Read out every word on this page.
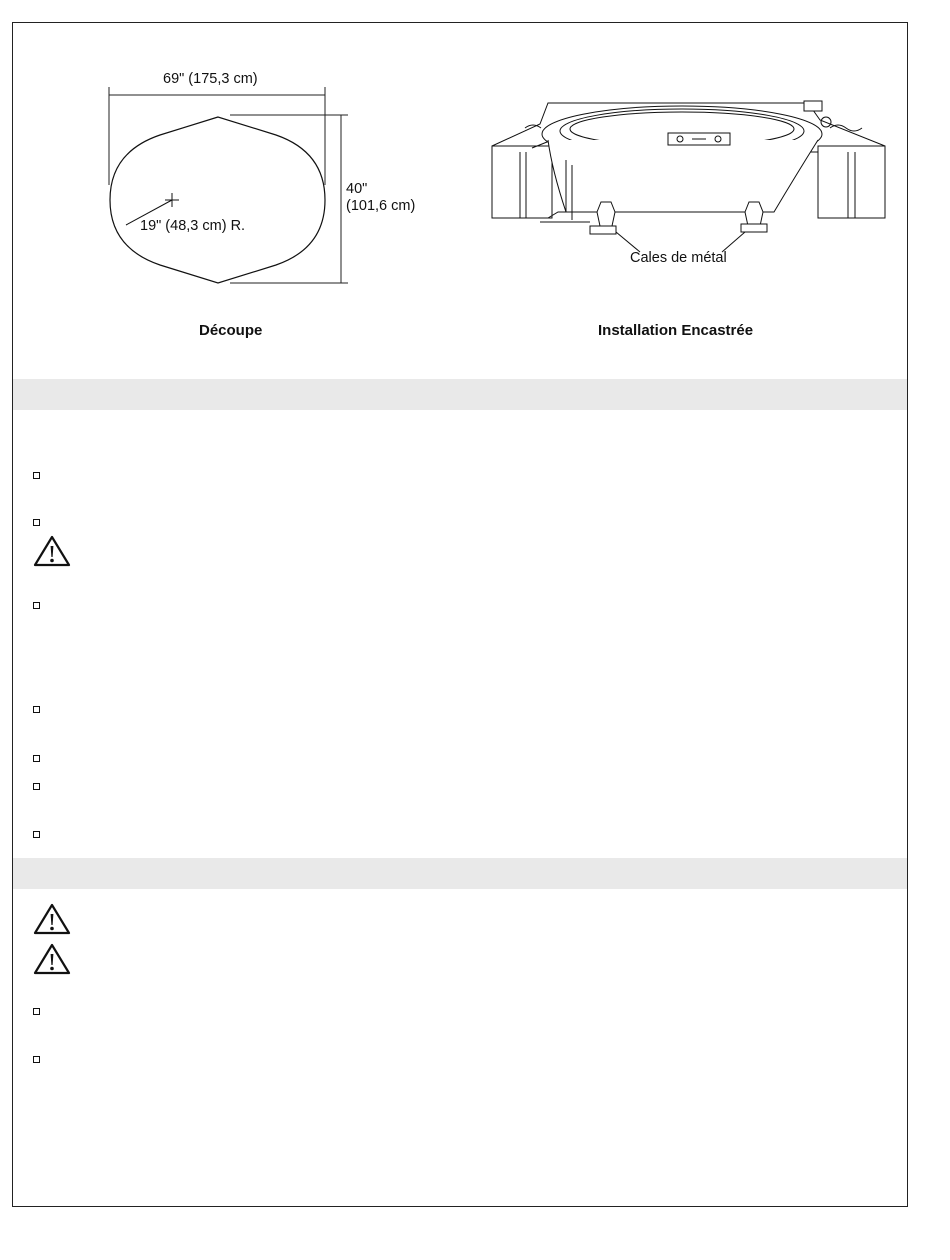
69" (175,3 cm)
40"
(101,6 cm)
19" (48,3 cm) R.
Découpe
Cales de métal
Installation Encastrée
